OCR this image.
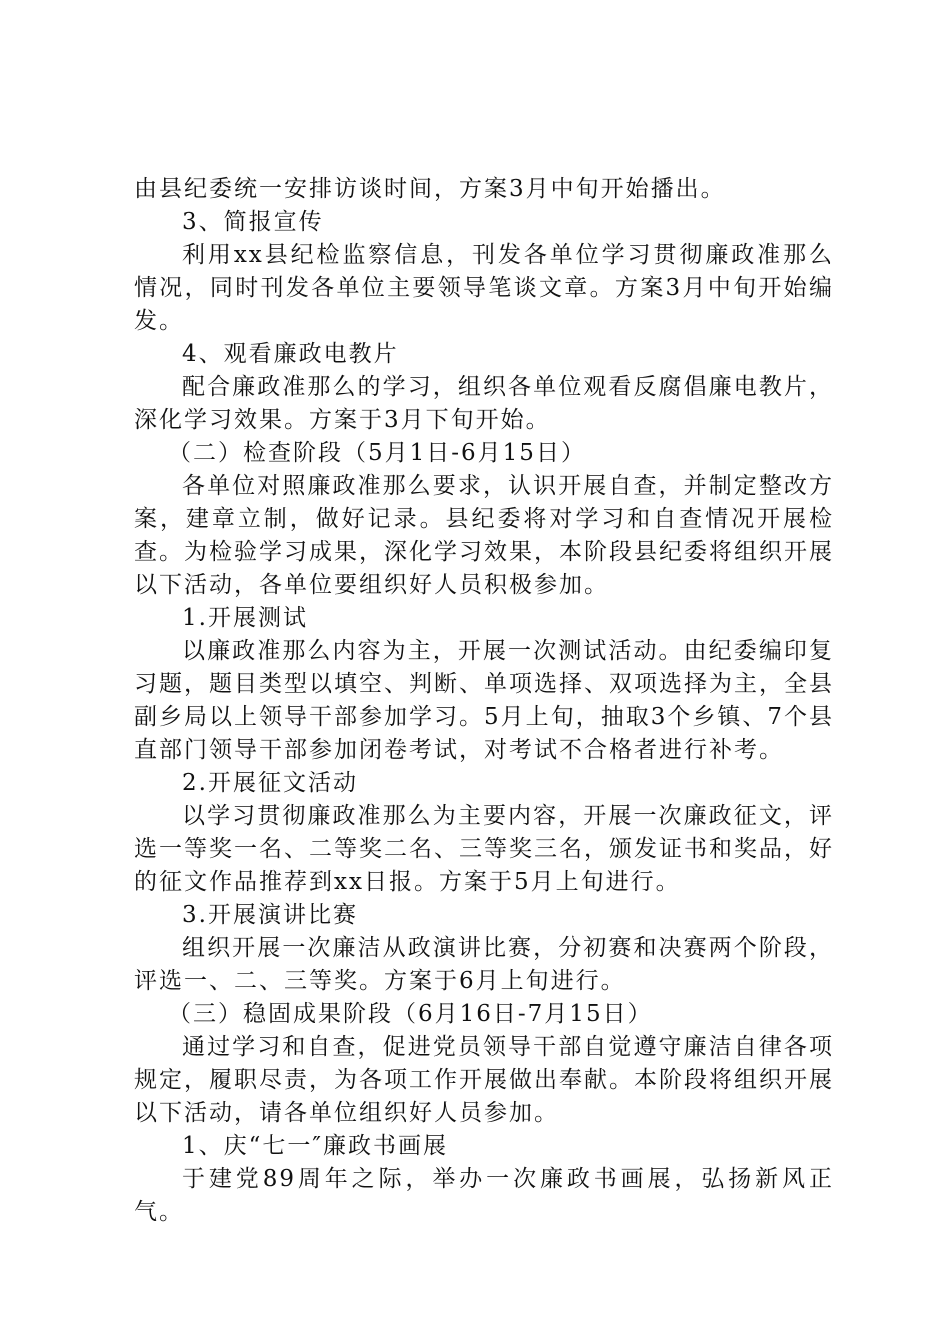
由县纪委统一安排访谈时间，方案3月中旬开始播出。

3、简报宣传

利用xx县纪检监察信息，刊发各单位学习贯彻廉政准那么情况，同时刊发各单位主要领导笔谈文章。方案3月中旬开始编发。

4、观看廉政电教片

配合廉政准那么的学习，组织各单位观看反腐倡廉电教片，深化学习效果。方案于3月下旬开始。

（二）检查阶段（5月1日-6月15日）

各单位对照廉政准那么要求，认识开展自查，并制定整改方案，建章立制，做好记录。县纪委将对学习和自查情况开展检查。为检验学习成果，深化学习效果，本阶段县纪委将组织开展以下活动，各单位要组织好人员积极参加。

1.开展测试

以廉政准那么内容为主，开展一次测试活动。由纪委编印复习题，题目类型以填空、判断、单项选择、双项选择为主，全县副乡局以上领导干部参加学习。5月上旬，抽取3个乡镇、7个县直部门领导干部参加闭卷考试，对考试不合格者进行补考。

2.开展征文活动

以学习贯彻廉政准那么为主要内容，开展一次廉政征文，评选一等奖一名、二等奖二名、三等奖三名，颁发证书和奖品，好的征文作品推荐到xx日报。方案于5月上旬进行。

3.开展演讲比赛

组织开展一次廉洁从政演讲比赛，分初赛和决赛两个阶段，评选一、二、三等奖。方案于6月上旬进行。

（三）稳固成果阶段（6月16日-7月15日）

通过学习和自查，促进党员领导干部自觉遵守廉洁自律各项规定，履职尽责，为各项工作开展做出奉献。本阶段将组织开展以下活动，请各单位组织好人员参加。

1、庆“七一″廉政书画展

于建党89周年之际，举办一次廉政书画展，弘扬新风正气。
